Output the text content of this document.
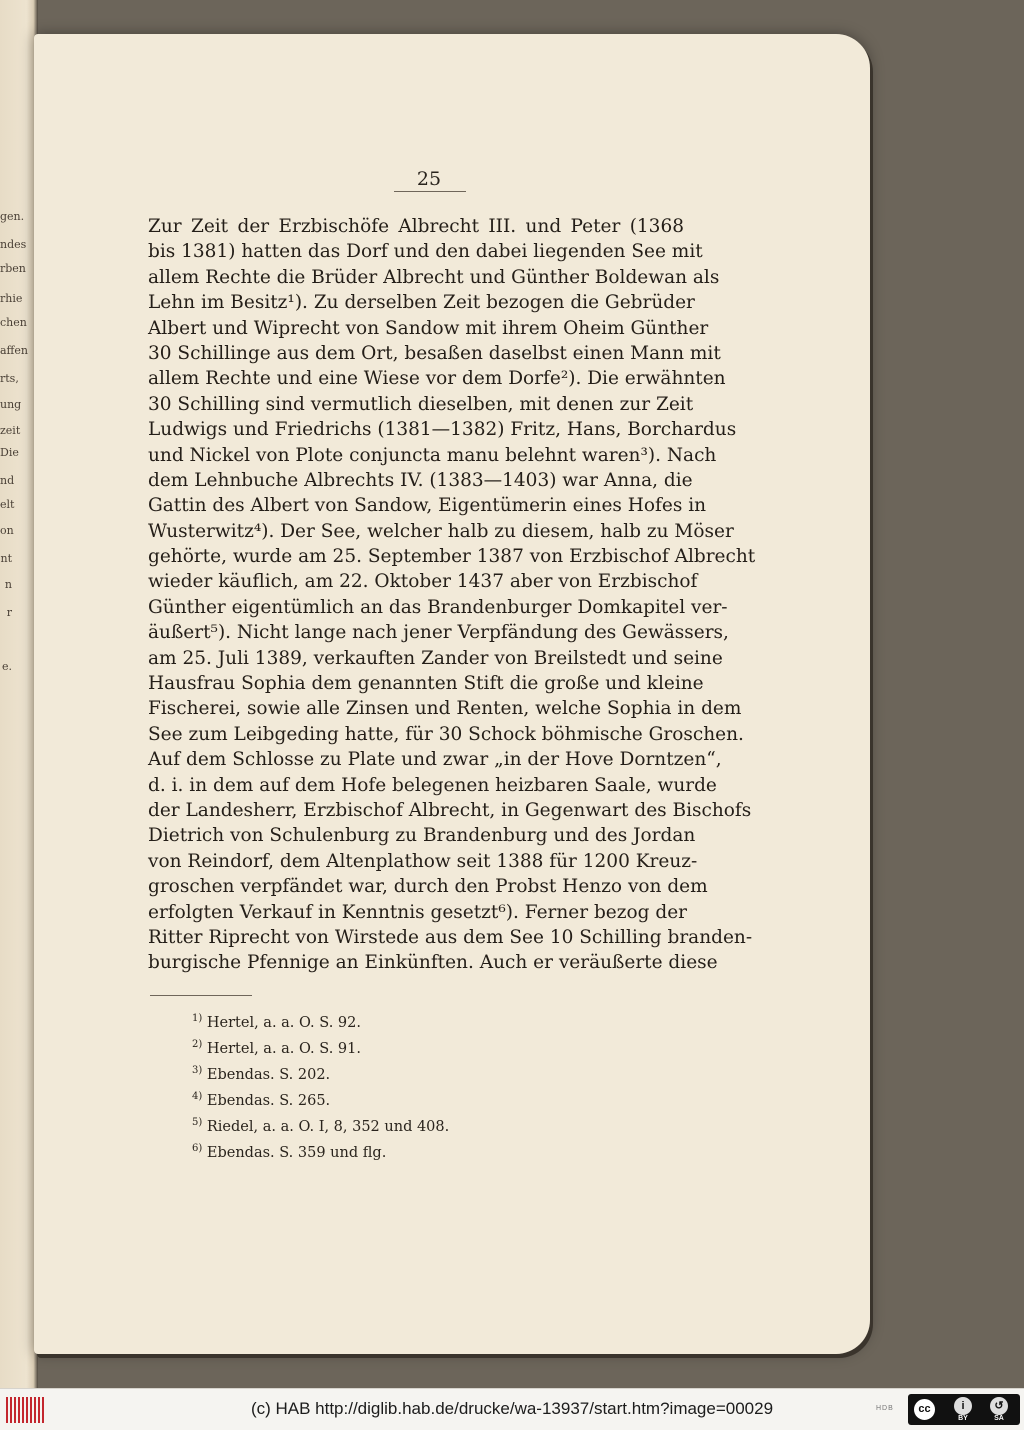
gen.
ndes
rben
rhie
chen
affen
rts,
ung
zeit
Die
nd
elt
on
nt
n
r
e.
25
Zur Zeit der Erzbischöfe Albrecht III. und Peter (1368
bis 1381) hatten das Dorf und den dabei liegenden See mit
allem Rechte die Brüder Albrecht und Günther Boldewan als
Lehn im Besitz¹). Zu derselben Zeit bezogen die Gebrüder
Albert und Wiprecht von Sandow mit ihrem Oheim Günther
30 Schillinge aus dem Ort, besaßen daselbst einen Mann mit
allem Rechte und eine Wiese vor dem Dorfe²). Die erwähnten
30 Schilling sind vermutlich dieselben, mit denen zur Zeit
Ludwigs und Friedrichs (1381—1382) Fritz, Hans, Borchardus
und Nickel von Plote conjuncta manu belehnt waren³). Nach
dem Lehnbuche Albrechts IV. (1383—1403) war Anna, die
Gattin des Albert von Sandow, Eigentümerin eines Hofes in
Wusterwitz⁴). Der See, welcher halb zu diesem, halb zu Möser
gehörte, wurde am 25. September 1387 von Erzbischof Albrecht
wieder käuflich, am 22. Oktober 1437 aber von Erzbischof
Günther eigentümlich an das Brandenburger Domkapitel ver-
äußert⁵). Nicht lange nach jener Verpfändung des Gewässers,
am 25. Juli 1389, verkauften Zander von Breilstedt und seine
Hausfrau Sophia dem genannten Stift die große und kleine
Fischerei, sowie alle Zinsen und Renten, welche Sophia in dem
See zum Leibgeding hatte, für 30 Schock böhmische Groschen.
Auf dem Schlosse zu Plate und zwar „in der Hove Dorntzen“,
d. i. in dem auf dem Hofe belegenen heizbaren Saale, wurde
der Landesherr, Erzbischof Albrecht, in Gegenwart des Bischofs
Dietrich von Schulenburg zu Brandenburg und des Jordan
von Reindorf, dem Altenplathow seit 1388 für 1200 Kreuz-
groschen verpfändet war, durch den Probst Henzo von dem
erfolgten Verkauf in Kenntnis gesetzt⁶). Ferner bezog der
Ritter Riprecht von Wirstede aus dem See 10 Schilling branden-
burgische Pfennige an Einkünften. Auch er veräußerte diese
$^{1)}$ Hertel, a. a. O. S. 92.
$^{2)}$ Hertel, a. a. O. S. 91.
$^{3)}$ Ebendas. S. 202.
$^{4)}$ Ebendas. S. 265.
$^{5)}$ Riedel, a. a. O. I, 8, 352 und 408.
$^{6)}$ Ebendas. S. 359 und flg.
(c) HAB http://diglib.hab.de/drucke/wa-13937/start.htm?image=00029	HDB	cc	i
BY
↺
SA
